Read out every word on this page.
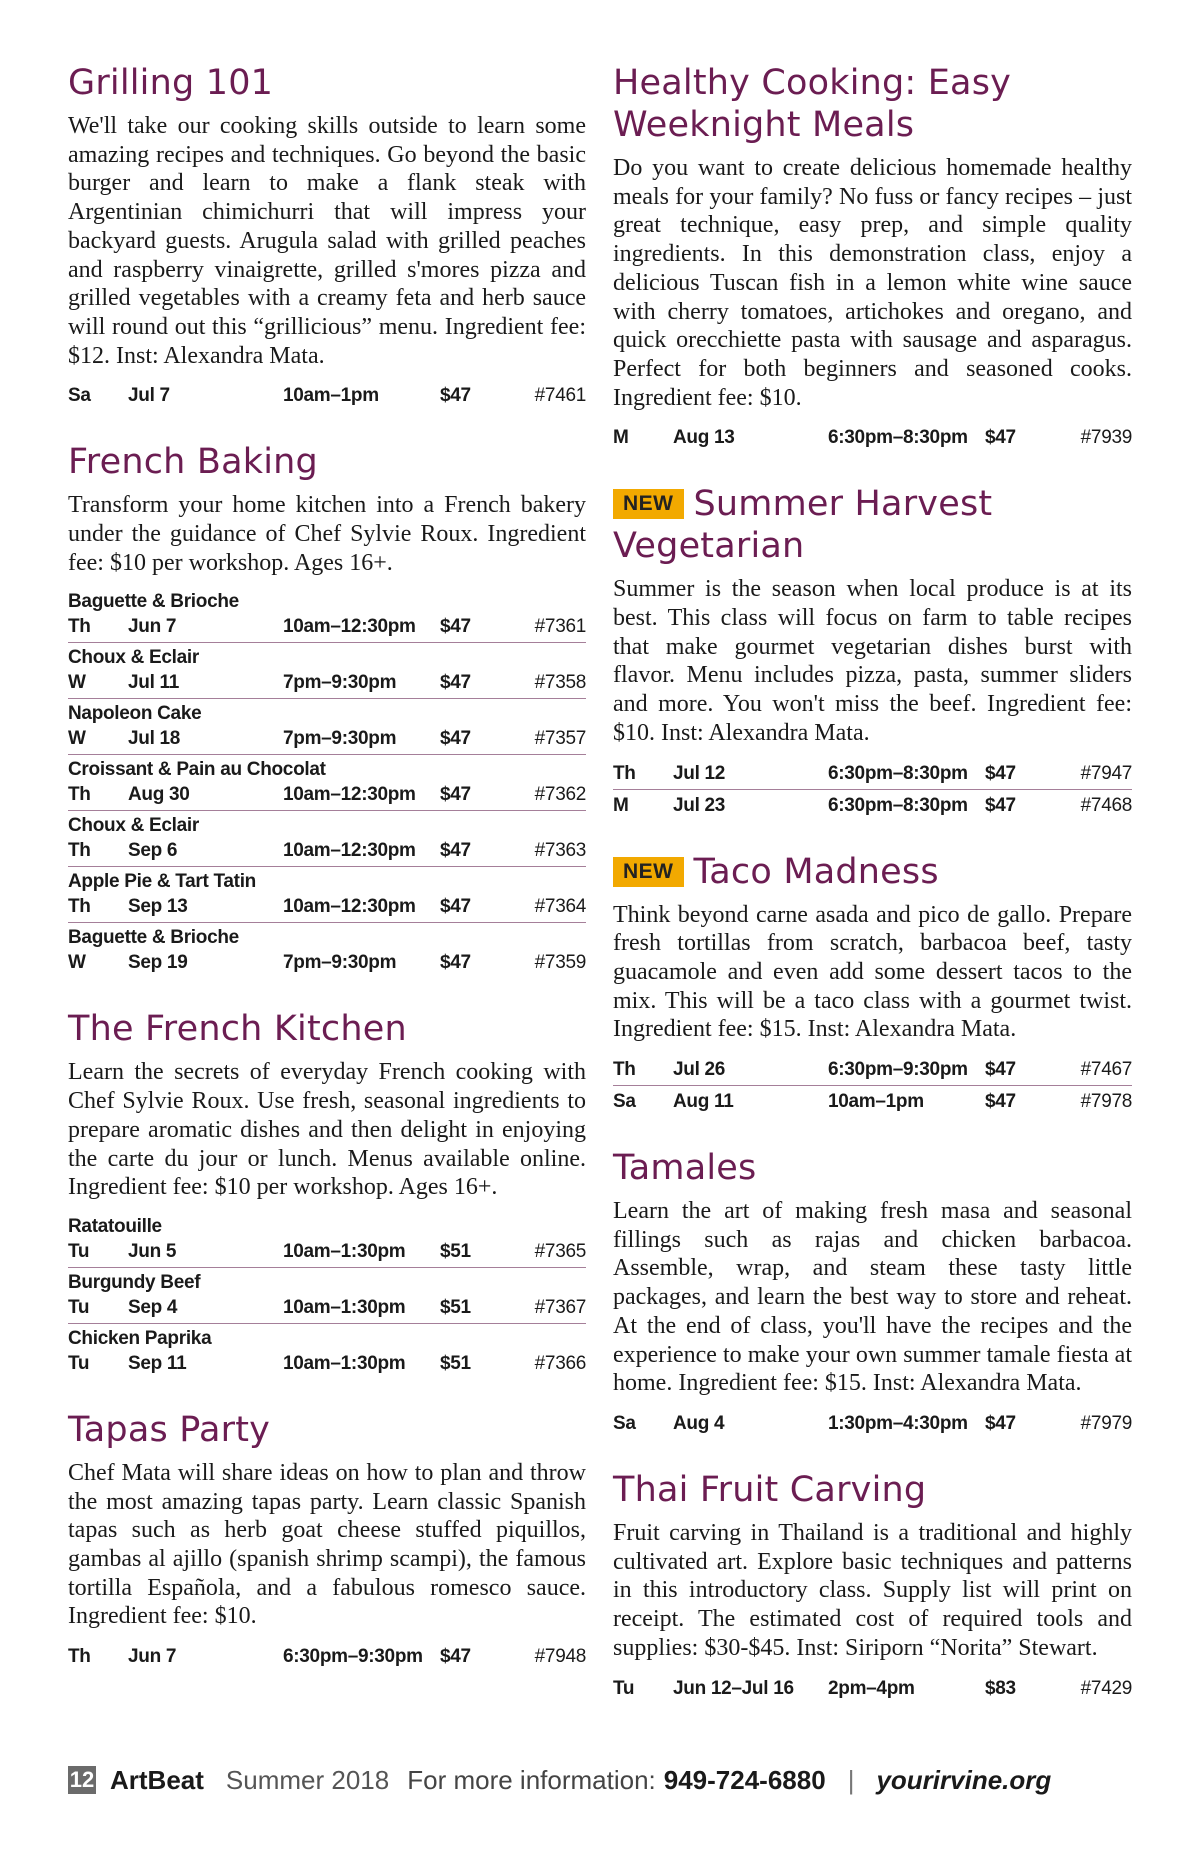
Grilling 101

We'll take our cooking skills outside to learn some amazing recipes and techniques. Go beyond the basic burger and learn to make a flank steak with Argentinian chimichurri that will impress your backyard guests. Arugula salad with grilled peaches and raspberry vinaigrette, grilled s'mores pizza and grilled vegetables with a creamy feta and herb sauce will round out this “grillicious” menu. Ingredient fee: $12. Inst: Alexandra Mata.

Sa	Jul 7	10am–1pm	$47	#7461
French Baking

Transform your home kitchen into a French bakery under the guidance of Chef Sylvie Roux. Ingredient fee: $10 per workshop. Ages 16+.

Baguette & Brioche
Th	Jun 7	10am–12:30pm	$47	#7361
Choux & Eclair
W	Jul 11	7pm–9:30pm	$47	#7358
Napoleon Cake
W	Jul 18	7pm–9:30pm	$47	#7357
Croissant & Pain au Chocolat
Th	Aug 30	10am–12:30pm	$47	#7362
Choux & Eclair
Th	Sep 6	10am–12:30pm	$47	#7363
Apple Pie & Tart Tatin
Th	Sep 13	10am–12:30pm	$47	#7364
Baguette & Brioche
W	Sep 19	7pm–9:30pm	$47	#7359
The French Kitchen

Learn the secrets of everyday French cooking with Chef Sylvie Roux. Use fresh, seasonal ingredients to prepare aromatic dishes and then delight in enjoying the carte du jour or lunch. Menus available online. Ingredient fee: $10 per workshop. Ages 16+.

Ratatouille
Tu	Jun 5	10am–1:30pm	$51	#7365
Burgundy Beef
Tu	Sep 4	10am–1:30pm	$51	#7367
Chicken Paprika
Tu	Sep 11	10am–1:30pm	$51	#7366
Tapas Party

Chef Mata will share ideas on how to plan and throw the most amazing tapas party. Learn classic Spanish tapas such as herb goat cheese stuffed piquillos, gambas al ajillo (spanish shrimp scampi), the famous tortilla Española, and a fabulous romesco sauce. Ingredient fee: $10.

Th	Jun 7	6:30pm–9:30pm $47	#7948
Healthy Cooking: Easy Weeknight Meals

Do you want to create delicious homemade healthy meals for your family? No fuss or fancy recipes – just great technique, easy prep, and simple quality ingredients. In this demonstration class, enjoy a delicious Tuscan fish in a lemon white wine sauce with cherry tomatoes, artichokes and oregano, and quick orecchiette pasta with sausage and asparagus. Perfect for both beginners and seasoned cooks. Ingredient fee: $10.

M	Aug 13	6:30pm–8:30pm $47	#7939
NEW Summer Harvest Vegetarian

Summer is the season when local produce is at its best. This class will focus on farm to table recipes that make gourmet vegetarian dishes burst with flavor. Menu includes pizza, pasta, summer sliders and more. You won't miss the beef. Ingredient fee: $10. Inst: Alexandra Mata.

Th	Jul 12	6:30pm–8:30pm $47	#7947
M	Jul 23	6:30pm–8:30pm $47	#7468
NEW Taco Madness

Think beyond carne asada and pico de gallo. Prepare fresh tortillas from scratch, barbacoa beef, tasty guacamole and even add some dessert tacos to the mix. This will be a taco class with a gourmet twist. Ingredient fee: $15. Inst: Alexandra Mata.

Th	Jul 26	6:30pm–9:30pm $47	#7467
Sa	Aug 11	10am–1pm	$47	#7978
Tamales

Learn the art of making fresh masa and seasonal fillings such as rajas and chicken barbacoa. Assemble, wrap, and steam these tasty little packages, and learn the best way to store and reheat. At the end of class, you'll have the recipes and the experience to make your own summer tamale fiesta at home. Ingredient fee: $15. Inst: Alexandra Mata.

Sa	Aug 4	1:30pm–4:30pm $47	#7979
Thai Fruit Carving

Fruit carving in Thailand is a traditional and highly cultivated art. Explore basic techniques and patterns in this introductory class. Supply list will print on receipt. The estimated cost of required tools and supplies: $30-$45. Inst: Siriporn “Norita” Stewart.

Tu	Jun 12–Jul 16	2pm–4pm	$83	#7429
12 ArtBeat Summer 2018 For more information: 949-724-6880 | yourirvine.org
